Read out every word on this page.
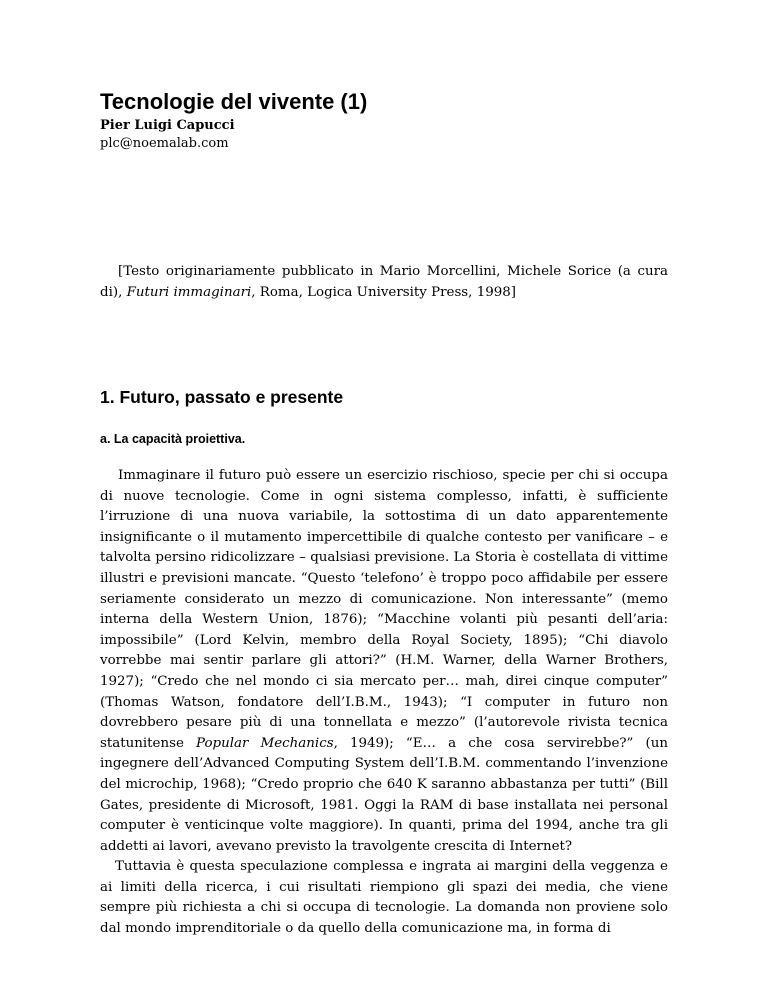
Tecnologie del vivente (1)
Pier Luigi Capucci
plc@noemalab.com

[Testo originariamente pubblicato in Mario Morcellini, Michele Sorice (a cura di), Futuri immaginari, Roma, Logica University Press, 1998]

1. Futuro, passato e presente
a. La capacità proiettiva.

Immaginare il futuro può essere un esercizio rischioso, specie per chi si occupa di nuove tecnologie. Come in ogni sistema complesso, infatti, è sufficiente l’irruzione di una nuova variabile, la sottostima di un dato apparentemente insignificante o il mutamento impercettibile di qualche contesto per vanificare – e talvolta persino ridicolizzare – qualsiasi previsione. La Storia è costellata di vittime illustri e previsioni mancate. “Questo ‘telefono’ è troppo poco affidabile per essere seriamente considerato un mezzo di comunicazione. Non interessante” (memo interna della Western Union, 1876); “Macchine volanti più pesanti dell’aria: impossibile” (Lord Kelvin, membro della Royal Society, 1895); “Chi diavolo vorrebbe mai sentir parlare gli attori?” (H.M. Warner, della Warner Brothers, 1927); “Credo che nel mondo ci sia mercato per… mah, direi cinque computer” (Thomas Watson, fondatore dell’I.B.M., 1943); “I computer in futuro non dovrebbero pesare più di una tonnellata e mezzo” (l’autorevole rivista tecnica statunitense Popular Mechanics, 1949); “E… a che cosa servirebbe?” (un ingegnere dell’Advanced Computing System dell’I.B.M. commentando l’invenzione del microchip, 1968); “Credo proprio che 640 K saranno abbastanza per tutti” (Bill Gates, presidente di Microsoft, 1981. Oggi la RAM di base installata nei personal computer è venticinque volte maggiore). In quanti, prima del 1994, anche tra gli addetti ai lavori, avevano previsto la travolgente crescita di Internet?

Tuttavia è questa speculazione complessa e ingrata ai margini della veggenza e ai limiti della ricerca, i cui risultati riempiono gli spazi dei media, che viene sempre più richiesta a chi si occupa di tecnologie. La domanda non proviene solo dal mondo imprenditoriale o da quello della comunicazione ma, in forma di
